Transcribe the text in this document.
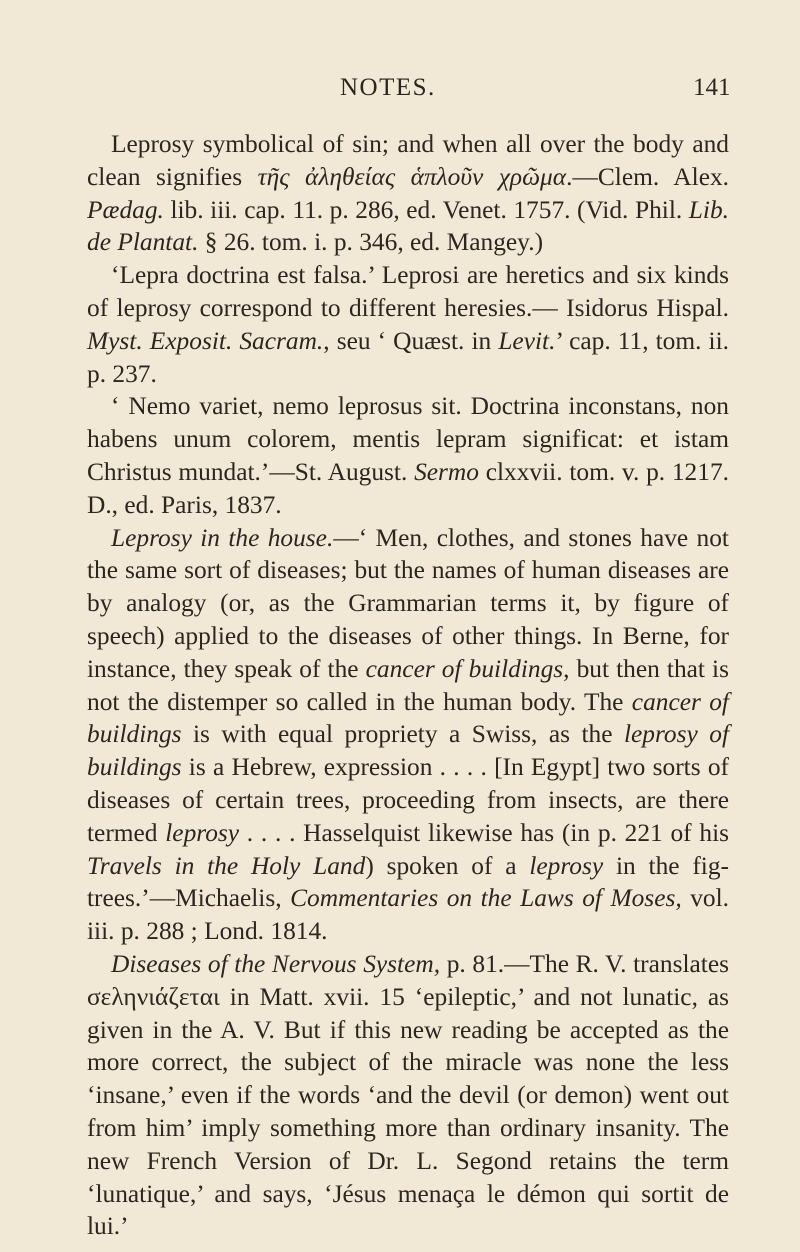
NOTES.	141

Leprosy symbolical of sin; and when all over the body and clean signifies τῆς ἀληθείας ἁπλοῦν χρῶμα.—Clem. Alex. Pædag. lib. iii. cap. 11. p. 286, ed. Venet. 1757. (Vid. Phil. Lib. de Plantat. § 26. tom. i. p. 346, ed. Mangey.)

‘Lepra doctrina est falsa.’ Leprosi are heretics and six kinds of leprosy correspond to different heresies.— Isidorus Hispal. Myst. Exposit. Sacram., seu ‘ Quæst. in Levit.’ cap. 11, tom. ii. p. 237.

‘ Nemo variet, nemo leprosus sit. Doctrina inconstans, non habens unum colorem, mentis lepram significat: et istam Christus mundat.’—St. August. Sermo clxxvii. tom. v. p. 1217. D., ed. Paris, 1837.

Leprosy in the house.—‘ Men, clothes, and stones have not the same sort of diseases; but the names of human diseases are by analogy (or, as the Grammarian terms it, by figure of speech) applied to the diseases of other things. In Berne, for instance, they speak of the cancer of buildings, but then that is not the distemper so called in the human body. The cancer of buildings is with equal propriety a Swiss, as the leprosy of buildings is a Hebrew, expression . . . . [In Egypt] two sorts of diseases of certain trees, proceeding from insects, are there termed leprosy . . . . Hasselquist likewise has (in p. 221 of his Travels in the Holy Land) spoken of a leprosy in the fig-trees.’—Michaelis, Commentaries on the Laws of Moses, vol. iii. p. 288 ; Lond. 1814.

Diseases of the Nervous System, p. 81.—The R. V. translates σεληνιάζεται in Matt. xvii. 15 ‘epileptic,’ and not lunatic, as given in the A. V. But if this new reading be accepted as the more correct, the subject of the miracle was none the less ‘insane,’ even if the words ‘and the devil (or demon) went out from him’ imply something more than ordinary insanity. The new French Version of Dr. L. Segond retains the term ‘lunatique,’ and says, ‘Jésus menaça le démon qui sortit de lui.’
